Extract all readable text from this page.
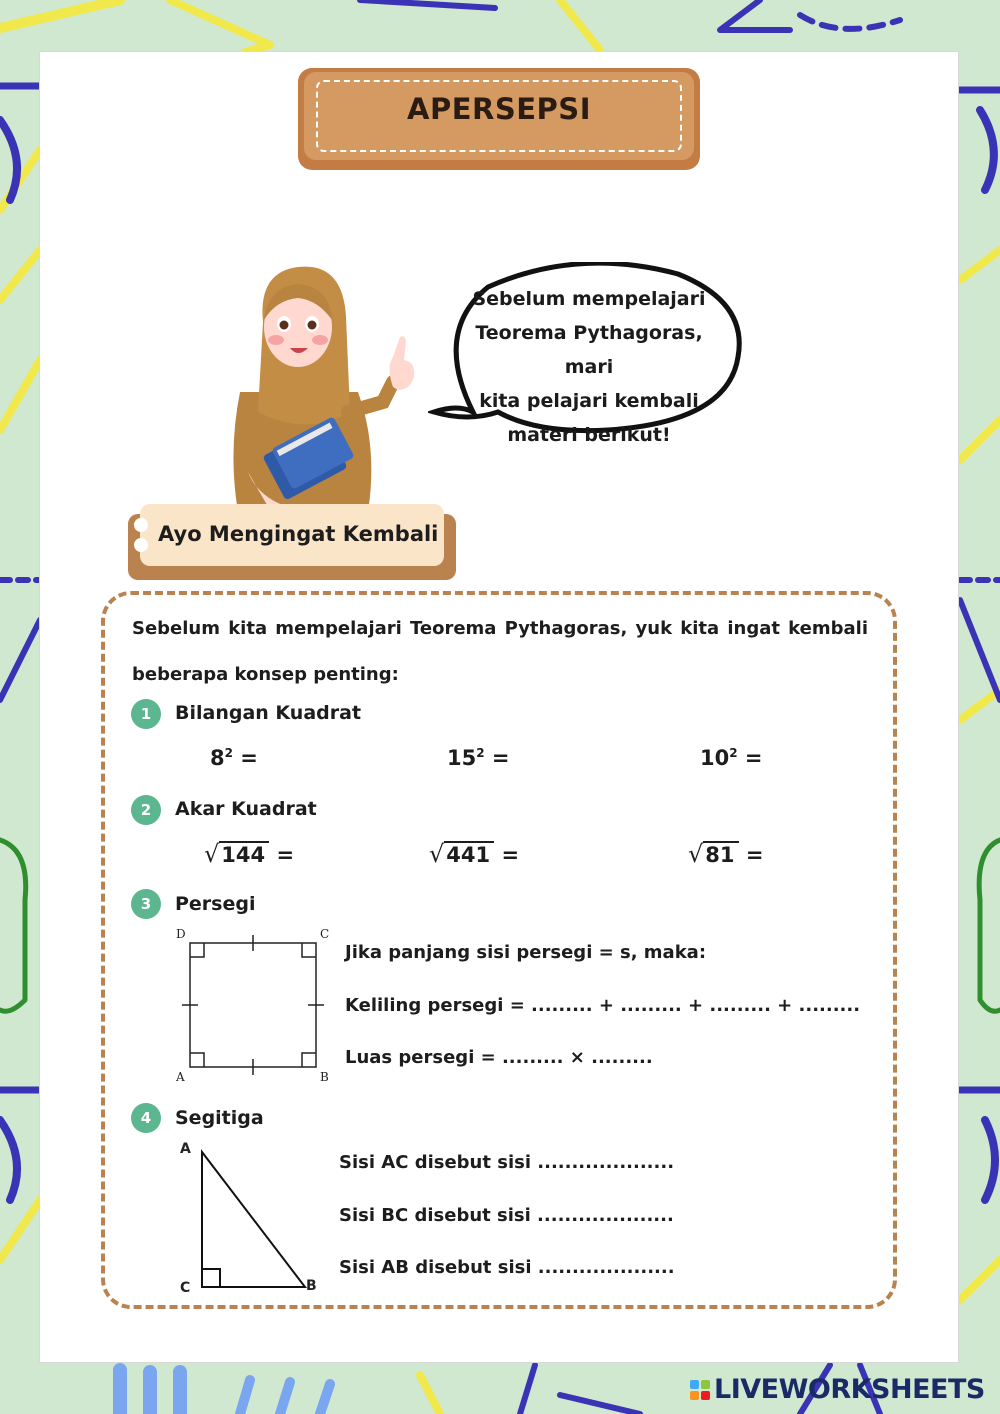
APERSEPSI
Sebelum mempelajari
Teorema Pythagoras, mari
kita pelajari kembali
materi berikut!
Ayo Mengingat Kembali
Sebelum kita mempelajari Teorema Pythagoras, yuk kita ingat kembali beberapa konsep penting:
1	Bilangan Kuadrat
$8^2$ =	$15^2$ =	$10^2$ =
2	Akar Kuadrat
√144 =	√441 =	√81 =
3	Persegi
D	C
A	B
Jika panjang sisi persegi = s, maka:
Keliling persegi = ......... + ......... + ......... + .........
Luas persegi = ......... × .........
4	Segitiga
A
C	B
Sisi AC disebut sisi ....................
Sisi BC disebut sisi ....................
Sisi AB disebut sisi ....................
LIVEWORKSHEETS
